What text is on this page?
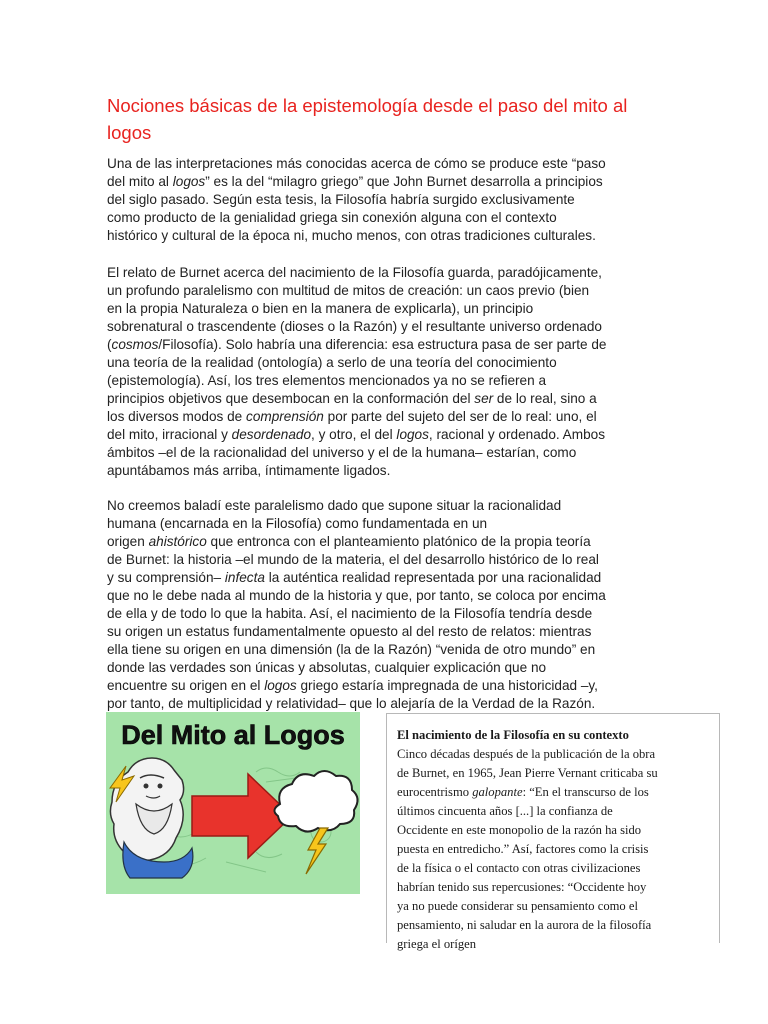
Nociones básicas de la epistemología desde el paso del mito al
logos
Una de las interpretaciones más conocidas acerca de cómo se produce este “paso
del mito al logos” es la del “milagro griego” que John Burnet desarrolla a principios
del siglo pasado. Según esta tesis, la Filosofía habría surgido exclusivamente
como producto de la genialidad griega sin conexión alguna con el contexto
histórico y cultural de la época ni, mucho menos, con otras tradiciones culturales.
El relato de Burnet acerca del nacimiento de la Filosofía guarda, paradójicamente,
un profundo paralelismo con multitud de mitos de creación: un caos previo (bien
en la propia Naturaleza o bien en la manera de explicarla), un principio
sobrenatural o trascendente (dioses o la Razón) y el resultante universo ordenado
(cosmos/Filosofía). Solo habría una diferencia: esa estructura pasa de ser parte de
una teoría de la realidad (ontología) a serlo de una teoría del conocimiento
(epistemología). Así, los tres elementos mencionados ya no se refieren a
principios objetivos que desembocan en la conformación del ser de lo real, sino a
los diversos modos de comprensión por parte del sujeto del ser de lo real: uno, el
del mito, irracional y desordenado, y otro, el del logos, racional y ordenado. Ambos
ámbitos –el de la racionalidad del universo y el de la humana– estarían, como
apuntábamos más arriba, íntimamente ligados.
No creemos baladí este paralelismo dado que supone situar la racionalidad
humana (encarnada en la Filosofía) como fundamentada en un
origen ahistórico que entronca con el planteamiento platónico de la propia teoría
de Burnet: la historia –el mundo de la materia, el del desarrollo histórico de lo real
y su comprensión– infecta la auténtica realidad representada por una racionalidad
que no le debe nada al mundo de la historia y que, por tanto, se coloca por encima
de ella y de todo lo que la habita. Así, el nacimiento de la Filosofía tendría desde
su origen un estatus fundamentalmente opuesto al del resto de relatos: mientras
ella tiene su origen en una dimensión (la de la Razón) “venida de otro mundo” en
donde las verdades son únicas y absolutas, cualquier explicación que no
encuentre su origen en el logos griego estaría impregnada de una historicidad –y,
por tanto, de multiplicidad y relatividad– que lo alejaría de la Verdad de la Razón.
Del Mito al Logos	El nacimiento de la Filosofía en su contexto
Cinco décadas después de la publicación de la obra
de Burnet, en 1965, Jean Pierre Vernant criticaba su
eurocentrismo galopante: “En el transcurso de los
últimos cincuenta años [...] la confianza de
Occidente en este monopolio de la razón ha sido
puesta en entredicho.” Así, factores como la crisis
de la física o el contacto con otras civilizaciones
habrían tenido sus repercusiones: “Occidente hoy
ya no puede considerar su pensamiento como el
pensamiento, ni saludar en la aurora de la filosofía
griega el orígen
